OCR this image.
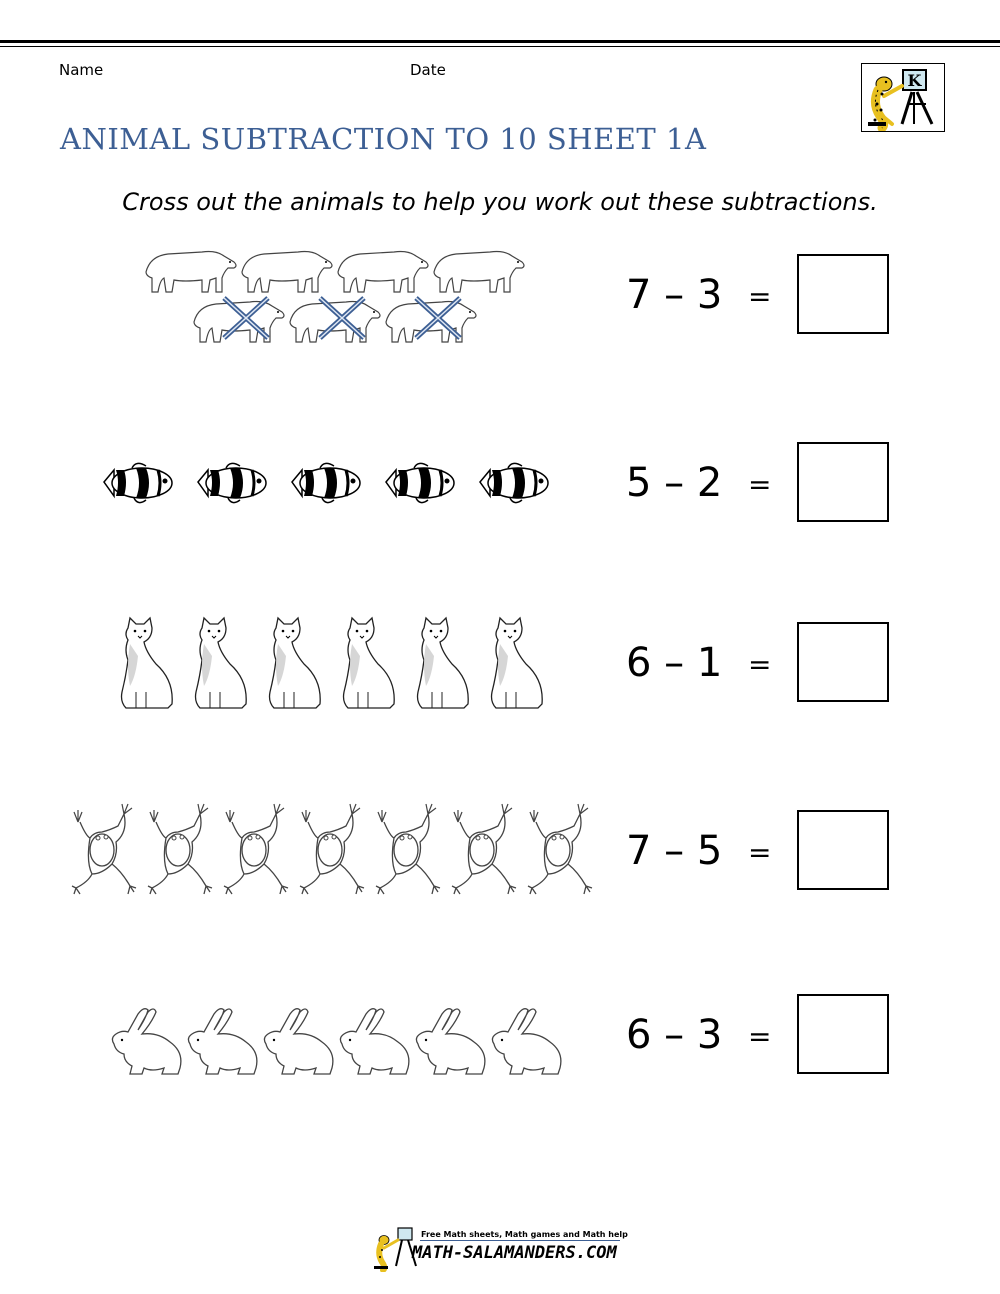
Name	Date
K
ANIMAL SUBTRACTION TO 10 SHEET 1A
Cross out the animals to help you work out these subtractions.
7 – 3 =
5 – 2 =
6 – 1 =
7 – 5 =
6 – 3 =
Free Math sheets, Math games and Math help
MATH-SALAMANDERS.COM
